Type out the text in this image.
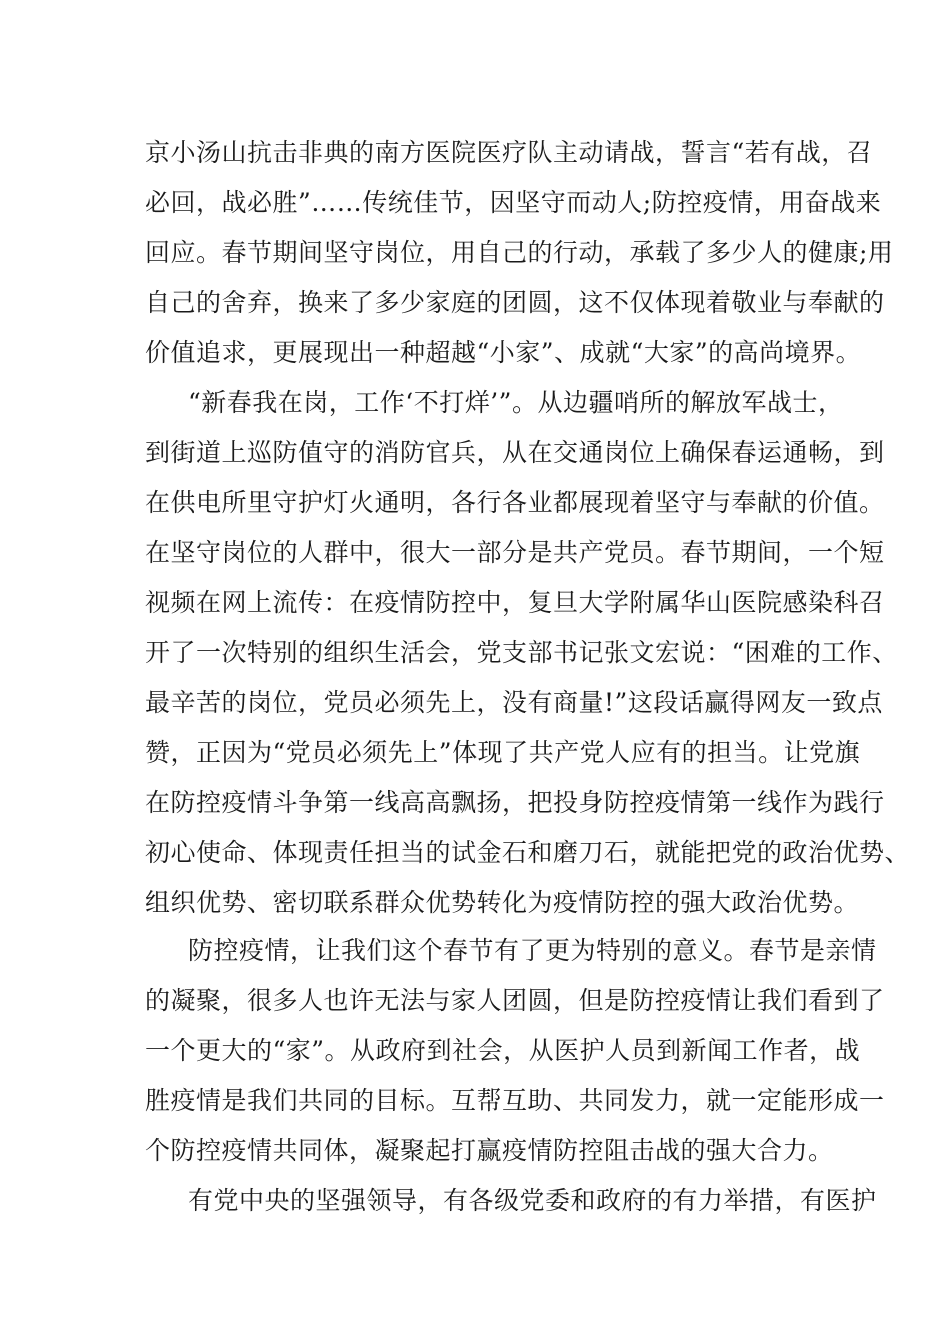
京小汤山抗击非典的南方医院医疗队主动请战，誓言“若有战，召
必回，战必胜”……传统佳节，因坚守而动人;防控疫情，用奋战来
回应。春节期间坚守岗位，用自己的行动，承载了多少人的健康;用
自己的舍弃，换来了多少家庭的团圆，这不仅体现着敬业与奉献的
价值追求，更展现出一种超越“小家”、成就“大家”的高尚境界。
“新春我在岗，工作‘不打烊’”。从边疆哨所的解放军战士，
到街道上巡防值守的消防官兵，从在交通岗位上确保春运通畅，到
在供电所里守护灯火通明，各行各业都展现着坚守与奉献的价值。
在坚守岗位的人群中，很大一部分是共产党员。春节期间，一个短
视频在网上流传：在疫情防控中，复旦大学附属华山医院感染科召
开了一次特别的组织生活会，党支部书记张文宏说：“困难的工作、
最辛苦的岗位，党员必须先上，没有商量!”这段话赢得网友一致点
赞，正因为“党员必须先上”体现了共产党人应有的担当。让党旗
在防控疫情斗争第一线高高飘扬，把投身防控疫情第一线作为践行
初心使命、体现责任担当的试金石和磨刀石，就能把党的政治优势、
组织优势、密切联系群众优势转化为疫情防控的强大政治优势。
防控疫情，让我们这个春节有了更为特别的意义。春节是亲情
的凝聚，很多人也许无法与家人团圆，但是防控疫情让我们看到了
一个更大的“家”。从政府到社会，从医护人员到新闻工作者，战
胜疫情是我们共同的目标。互帮互助、共同发力，就一定能形成一
个防控疫情共同体，凝聚起打赢疫情防控阻击战的强大合力。
有党中央的坚强领导，有各级党委和政府的有力举措，有医护
